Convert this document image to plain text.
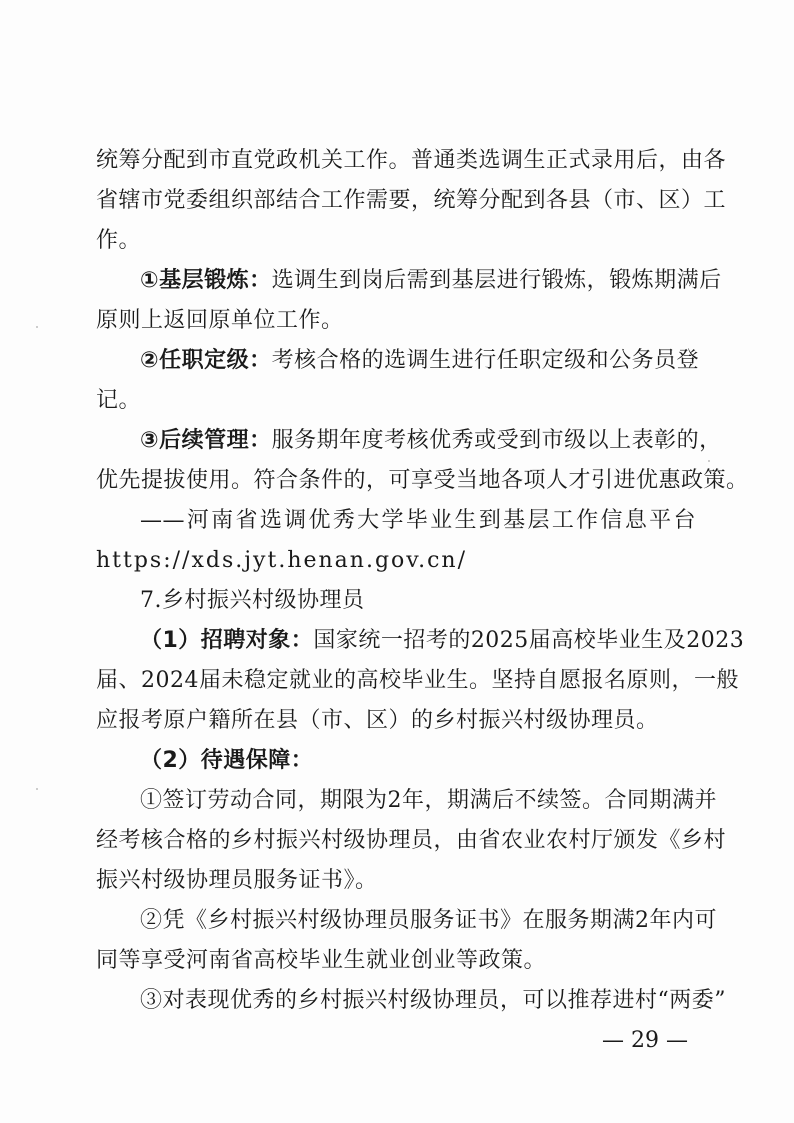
统筹分配到市直党政机关工作。普通类选调生正式录用后，由各
省辖市党委组织部结合工作需要，统筹分配到各县（市、区）工
作。
①基层锻炼：选调生到岗后需到基层进行锻炼，锻炼期满后
原则上返回原单位工作。
②任职定级：考核合格的选调生进行任职定级和公务员登
记。
③后续管理：服务期年度考核优秀或受到市级以上表彰的，
优先提拔使用。符合条件的，可享受当地各项人才引进优惠政策。
——河南省选调优秀大学毕业生到基层工作信息平台
https://xds.jyt.henan.gov.cn/
7.乡村振兴村级协理员
（1）招聘对象：国家统一招考的2025届高校毕业生及2023
届、2024届未稳定就业的高校毕业生。坚持自愿报名原则，一般
应报考原户籍所在县（市、区）的乡村振兴村级协理员。
（2）待遇保障：
①签订劳动合同，期限为2年，期满后不续签。合同期满并
经考核合格的乡村振兴村级协理员，由省农业农村厅颁发《乡村
振兴村级协理员服务证书》。
②凭《乡村振兴村级协理员服务证书》在服务期满2年内可
同等享受河南省高校毕业生就业创业等政策。
③对表现优秀的乡村振兴村级协理员，可以推荐进村“两委”
— 29 —
